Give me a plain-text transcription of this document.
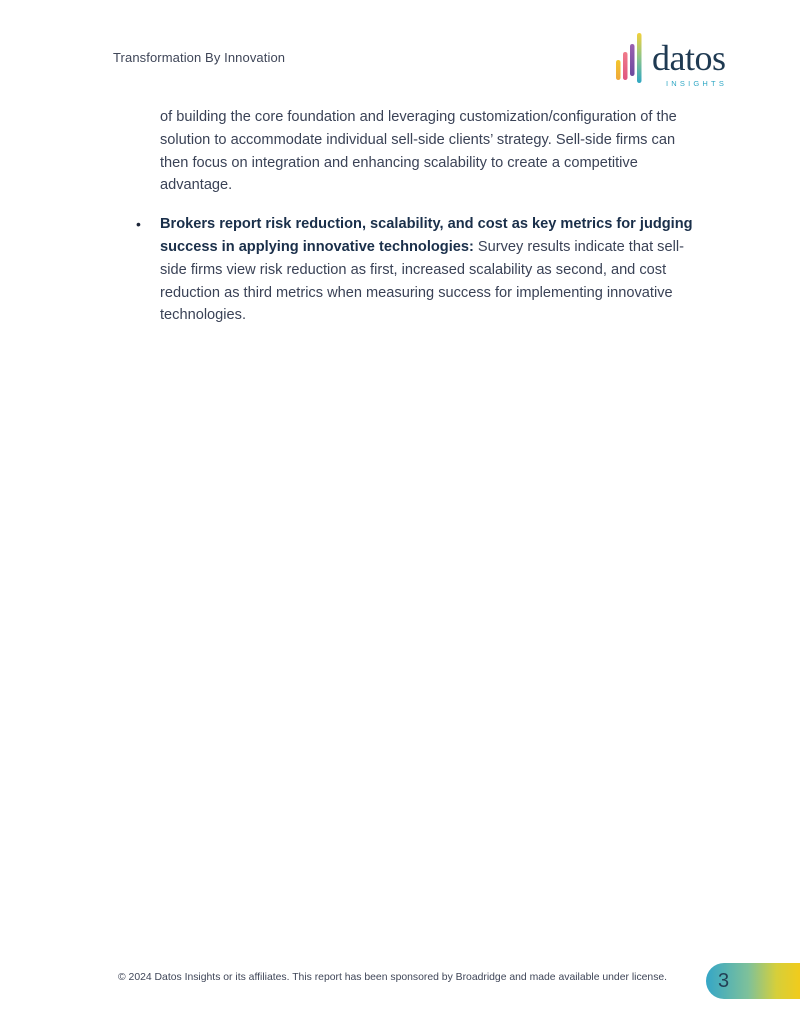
Transformation By Innovation	datos
INSIGHTS

of building the core foundation and leveraging customization/configuration of the solution to accommodate individual sell-side clients’ strategy. Sell-side firms can then focus on integration and enhancing scalability to create a competitive advantage.

• Brokers report risk reduction, scalability, and cost as key metrics for judging success in applying innovative technologies: Survey results indicate that sell-side firms view risk reduction as first, increased scalability as second, and cost reduction as third metrics when measuring success for implementing innovative technologies.

© 2024 Datos Insights or its affiliates. This report has been sponsored by Broadridge and made available under license.	3
